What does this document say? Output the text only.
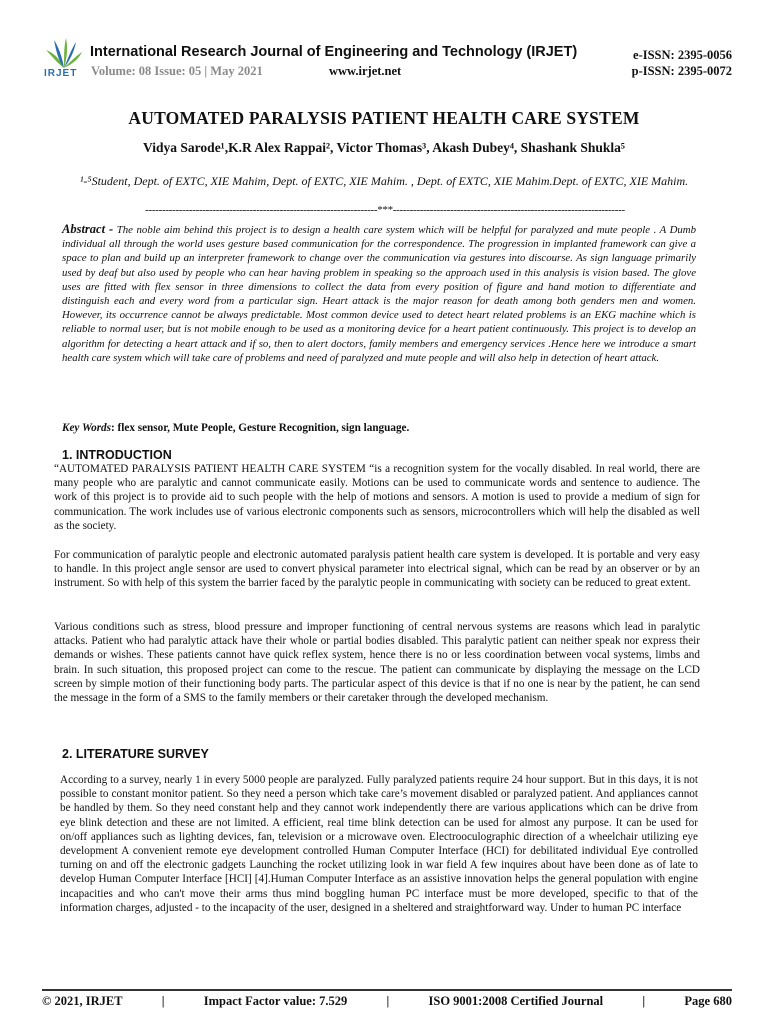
IRJET
International Research Journal of Engineering and Technology (IRJET)
Volume: 08 Issue: 05 | May 2021	www.irjet.net
e-ISSN: 2395-0056
p-ISSN: 2395-0072
AUTOMATED PARALYSIS PATIENT HEALTH CARE SYSTEM
Vidya Sarode¹,K.R Alex Rappai², Victor Thomas³, Akash Dubey⁴, Shashank Shukla⁵
¹-⁵Student, Dept. of EXTC, XIE Mahim, Dept. of EXTC, XIE Mahim. , Dept. of EXTC, XIE Mahim.Dept. of EXTC, XIE Mahim.
---------------------------------------------------------------------***---------------------------------------------------------------------
Abstract - The noble aim behind this project is to design a health care system which will be helpful for paralyzed and mute people . A Dumb individual all through the world uses gesture based communication for the correspondence. The progression in implanted framework can give a space to plan and build up an interpreter framework to change over the communication via gestures into discourse. As sign language primarily used by deaf but also used by people who can hear having problem in speaking so the approach used in this analysis is vision based. The glove uses are fitted with flex sensor in three dimensions to collect the data from every position of figure and hand motion to differentiate and distinguish each and every word from a particular sign. Heart attack is the major reason for death among both genders men and women. However, its occurrence cannot be always predictable. Most common device used to detect heart related problems is an EKG machine which is reliable to normal user, but is not mobile enough to be used as a monitoring device for a heart patient continuously. This project is to develop an algorithm for detecting a heart attack and if so, then to alert doctors, family members and emergency services .Hence here we introduce a smart health care system which will take care of problems and need of paralyzed and mute people and will also help in detection of heart attack.
Key Words: flex sensor, Mute People, Gesture Recognition, sign language.
1. INTRODUCTION
“AUTOMATED PARALYSIS PATIENT HEALTH CARE SYSTEM “is a recognition system for the vocally disabled. In real world, there are many people who are paralytic and cannot communicate easily. Motions can be used to communicate words and sentence to audience. The work of this project is to provide aid to such people with the help of motions and sensors. A motion is used to provide a medium of sign for communication. The work includes use of various electronic components such as sensors, microcontrollers which will help the disabled as well as the society.
For communication of paralytic people and electronic automated paralysis patient health care system is developed. It is portable and very easy to handle. In this project angle sensor are used to convert physical parameter into electrical signal, which can be read by an observer or by an instrument. So with help of this system the barrier faced by the paralytic people in communicating with society can be reduced to great extent.
Various conditions such as stress, blood pressure and improper functioning of central nervous systems are reasons which lead in paralytic attacks. Patient who had paralytic attack have their whole or partial bodies disabled. This paralytic patient can neither speak nor express their demands or wishes. These patients cannot have quick reflex system, hence there is no or less coordination between vocal systems, limbs and brain. In such situation, this proposed project can come to the rescue. The patient can communicate by displaying the message on the LCD screen by simple motion of their functioning body parts. The particular aspect of this device is that if no one is near by the patient, he can send the message in the form of a SMS to the family members or their caretaker through the developed mechanism.
2. LITERATURE SURVEY
According to a survey, nearly 1 in every 5000 people are paralyzed. Fully paralyzed patients require 24 hour support. But in this days, it is not possible to constant monitor patient. So they need a person which take care’s movement disabled or paralyzed patient. And appliances cannot be handled by them. So they need constant help and they cannot work independently there are various applications which can be drive from eye blink detection and these are not limited. A efficient, real time blink detection can be used for almost any purpose. It can be used for on/off appliances such as lighting devices, fan, television or a microwave oven. Electrooculographic direction of a wheelchair utilizing eye development A convenient remote eye development controlled Human Computer Interface (HCI) for debilitated individual Eye controlled turning on and off the electronic gadgets Launching the rocket utilizing look in war field A few inquires about have been done as of late to develop Human Computer Interface [HCI] [4].Human Computer Interface as an assistive innovation helps the general population with engine incapacities and who can't move their arms thus mind boggling human PC interface must be more developed, specific to that of the information charges, adjusted - to the incapacity of the user, designed in a sheltered and straightforward way. Under to human PC interface
© 2021, IRJET	|	Impact Factor value: 7.529	|	ISO 9001:2008 Certified Journal	|	Page 680
